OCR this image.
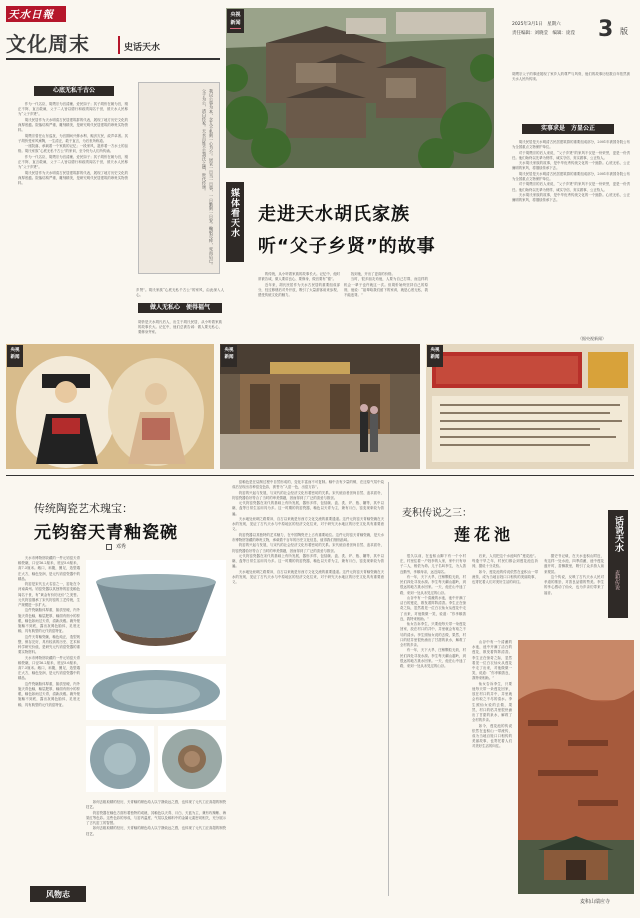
天水日報
文化周末	史话天水
2025年3月1日　星期六
责任编辑：刘晓莹　编辑：庞滢 3 版
央视
新闻
媒体看天水 走进天水胡氏家族
听“父子乡贤”的故事
心底无私千古公

作为一代名臣，胡缵宗为官清廉、爱民如子；其子胡忻在朝为官，刚正不阿、直言敢谏，父子二人皆以德行和政绩闻名于世，被天水人民称为“父子乡贤”。

胡氏民居作为天水明清古民居建筑群的代表，展现了地方历史文化的深厚底蕴。院落结构严谨，雕刻精美，是研究明代民居建筑的珍贵实物资料。

胡缵宗曾任山东巡抚，为官期间兴修水利、赈济灾民，政声卓著。其子胡忻受家风熏陶，一生清正，敢于直言，为后世所称道。

一座院落，承载着一个家族的记忆；一段家风，滋养着一方水土的品格。胡氏家族“心底无私千古公”的家训，至今仍为人们所传诵。

作为一代名臣，胡缵宗为官清廉、爱民如子；其子胡忻在朝为官，刚正不阿、直言敢谏，父子二人皆以德行和政绩闻名于世，被天水人民称为“父子乡贤”。

胡氏民居作为天水明清古民居建筑群的代表，展现了地方历史文化的深厚底蕴。院落结构严谨，雕刻精美，是研究明代民居建筑的珍贵实物资料。	我以公事为本，念人不私则一心为公。居官一日当一日事，一日勤则一日安。鞠躬尽瘁，死而后已。父子为公，清白传家。天水百姓不忘胡氏之德，世代传颂。
乡贤”。胡氏家族“心底无私千古公”的家风，由此深入人心。
做人无私心　便得福气
胡忻是天水胡氏后人，出生于胡氏民居，从小听着家族的故事长大。记忆中，他们总被告诫：做人要无私心，要修身齐家。

的传统，从小听着家族的故事长大。记忆中，他时常被告诫，做人要讲良心、要修身，做官要有“德”。

近年来，胡氏民居作为天水古民居的重要组成部分，经过修缮后对外开放，吸引了大量游客前来参观，感受传统文化的魅力。

找到他，开出了更高的价格。

当时，很多朋友劝他，人要为自己打算，而这样的机会一辈子也许就这一次。但胡忻始终坚持自己的原则，他说：“祖辈给我们留下的家训，就是心底无私，我不能违背。”

胡缵宗父子的事迹展现了家乡人的尊严与风骨，他们的故事历经数百年依然被天水人民所传颂。
实事求是　方显公正

胡氏民居是天水明清古民居建筑群的重要组成部分，2001年被国务院公布为全国重点文物保护单位。

对于胡缵宗的后人来说，“父子乡贤”的家风不仅是一份荣誉，更是一份责任。他们始终以先辈为榜样，诚实守信、务实做事、公正待人。

天水胡氏家族的故事，是中华优秀传统文化的一个缩影。心底无私、公正廉明的家风，将继续传承下去。

胡氏民居是天水明清古民居建筑群的重要组成部分，2001年被国务院公布为全国重点文物保护单位。

对于胡缵宗的后人来说，“父子乡贤”的家风不仅是一份荣誉，更是一份责任。他们始终以先辈为榜样，诚实守信、务实做事、公正待人。

天水胡氏家族的故事，是中华优秀传统文化的一个缩影。心底无私、公正廉明的家风，将继续传承下去。

（据央视新闻）
央视
新闻
央视
新闻
央视
新闻
传统陶瓷艺术瑰宝：
元钧窑天青釉瓷碗
邓秀

天水市博物馆收藏的一件元钧窑天青釉瓷碗，口径16.2厘米，底径5.6厘米，高7.3厘米。敞口，斜腹，圈足，造型端庄大方，釉色莹润，是元代钧窑瓷器中的精品。

钧窑是宋代五大名窑之一，窑址在今河南禹州。钧窑瓷器以其独特的窑变釉色闻名于世，有“黄金有价钧无价”之美誉。元代钧窑继承了宋代钧窑的工艺传统，生产规模进一步扩大。

这件瓷碗胎体厚重，胎质坚硬，内外施天青色釉，釉层肥厚，釉面有细小的棕眼，釉色如雨过天青，清新淡雅。碗外壁施釉不到底，露出灰褐色胎体，足底无釉，具有典型的元代钧窑特征。

这件天青釉瓷碗，釉色纯正，造型规整，保存完好，具有较高的历史、艺术和科学研究价值，是研究元代钧窑瓷器的重要实物资料。

天水市博物馆收藏的一件元钧窑天青釉瓷碗，口径16.2厘米，底径5.6厘米，高7.3厘米。敞口，斜腹，圈足，造型端庄大方，釉色莹润，是元代钧窑瓷器中的精品。

这件瓷碗胎体厚重，胎质坚硬，内外施天青色釉，釉层肥厚，釉面有细小的棕眼，釉色如雨过天青，清新淡雅。碗外壁施釉不到底，露出灰褐色胎体，足底无釉，具有典型的元代钧窑特征。

如何去粗取精的经历，天青釉的颜色给人以宁静致远之感，也体现了元代工匠高超的制瓷技艺。

钧窑瓷器在釉色方面有着独特的成就，其釉色以天青、月白、天蓝为主，兼有玫瑰紫、海棠红等色彩。这些色彩的形成，与窑内温度、气氛以及釉料中的金属元素密切相关，充分展示了古代窑工的智慧。

如何去粗取精的经历，天青釉的颜色给人以宁静致远之感，也体现了元代工匠高超的制瓷技艺。

窑釉色是在烧制过程中自然形成的，变化丰富而不可复制。釉中含有少量的铜，在还原气氛中烧成后呈现出各种窑变色彩，被誉为“入窑一色，出窑万彩”。

钧窑的兴起与发展，与宋代的社会经济文化有着密切的关系。宋代统治者崇尚自然、追求质朴，钧窑瓷器恰好符合了当时的审美情趣，因而得到了广泛的喜爱与推崇。

元代钧窑瓷器在宋代的基础上有所发展，器形多样，包括碗、盘、洗、炉、瓶、罐等，其中以碗、盘等日常生活用具为多。这一时期的钧窑瓷器，釉色以天青为主，兼有月白，窑变现象较为普遍。

天水地处丝绸之路要冲，自古以来就是东西方文化交流的重要通道。这件元钧窑天青釉瓷碗在天水的发现，见证了古代天水与中原地区的经济文化往来，对于研究天水地区的历史文化具有重要意义。

钧窑瓷器以其独特的艺术魅力，在中国陶瓷史上占有重要地位。这件元钧窑天青釉瓷碗，是天水市博物馆馆藏的珍贵文物，承载着千百年的历史文化信息，值得我们细细品味。

钧窑的兴起与发展，与宋代的社会经济文化有着密切的关系。宋代统治者崇尚自然、追求质朴，钧窑瓷器恰好符合了当时的审美情趣，因而得到了广泛的喜爱与推崇。

元代钧窑瓷器在宋代的基础上有所发展，器形多样，包括碗、盘、洗、炉、瓶、罐等，其中以碗、盘等日常生活用具为多。这一时期的钧窑瓷器，釉色以天青为主，兼有月白，窑变现象较为普遍。

天水地处丝绸之路要冲，自古以来就是东西方文化交流的重要通道。这件元钧窑天青釉瓷碗在天水的发现，见证了古代天水与中原地区的经济文化往来，对于研究天水地区的历史文化具有重要意义。

风物志
麦积传说之三：
莲花池	话说天水
麦积传说

很久以前，在麦积山脚下有一个小村庄，村里住着一户姓李的人家，家中只有母子二人，相依为命。儿子名叫李生，为人善良勤劳，孝顺母亲，远近闻名。

有一年，天下大旱，庄稼颗粒无收，村民们四处寻找水源。李生每天翻山越岭，到很远的地方挑水回家。一天，他在山中迷了路，来到一处从未见过的山谷。

山谷中有一个清澈的水池，池中开满了洁白的莲花，散发着阵阵清香。李生正在惊奇之际，忽然看见一位白衣仙女从莲花中走了出来，对他微微一笑，说道：“你孝顺善良，我特来相助。”

仙女告诉李生，只要他每天带一朵莲花回家，放在村口的井中，井里就会有取之不尽的清水。李生照仙女说的去做，果然，村口的枯井里很快涌出了甘甜的泉水，解救了全村的乡亲。

有一年，天下大旱，庄稼颗粒无收，村民们四处寻找水源。李生每天翻山越岭，到很远的地方挑水回家。一天，他在山中迷了路，来到一处从未见过的山谷。

后来，人们把这个水池叫作“莲花池”。每逢干旱之年，村民们都会到莲花池边祈祷，据说十分灵验。

如今，莲花池的传说依然在麦积山一带流传，成为当地百姓口口相传的美丽故事，也寄托着人们对美好生活的向往。

据史书记载，在天水麦积山附近，有这样一处水池，四季清澈，池中莲花盛开时，香飘数里，吸引了众多游人前来观赏。

这个传说，反映了古代天水人民对孝道的推崇，对善良品德的赞美。李生的孝心感动了仙女，也为乡亲们带来了福音。

山谷中有一个清澈的水池，池中开满了洁白的莲花，散发着阵阵清香。李生正在惊奇之际，忽然看见一位白衣仙女从莲花中走了出来，对他微微一笑，说道：“你孝顺善良，我特来相助。”

仙女告诉李生，只要他每天带一朵莲花回家，放在村口的井中，井里就会有取之不尽的清水。李生照仙女说的去做，果然，村口的枯井里很快涌出了甘甜的泉水，解救了全村的乡亲。

如今，莲花池的传说依然在麦积山一带流传，成为当地百姓口口相传的美丽故事，也寄托着人们对美好生活的向往。

麦积山瑞应寺
